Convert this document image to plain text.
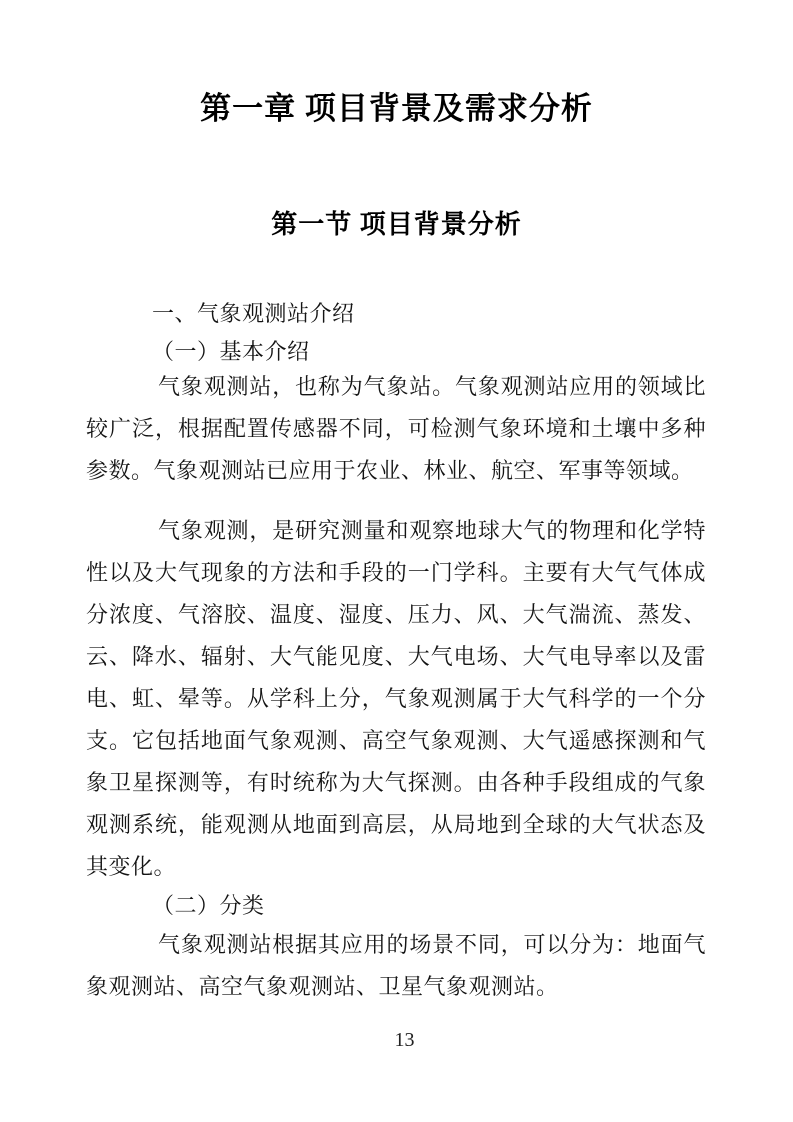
第一章 项目背景及需求分析
第一节 项目背景分析
一、气象观测站介绍
（一）基本介绍

气象观测站，也称为气象站。气象观测站应用的领域比较广泛，根据配置传感器不同，可检测气象环境和土壤中多种参数。气象观测站已应用于农业、林业、航空、军事等领域。

气象观测，是研究测量和观察地球大气的物理和化学特性以及大气现象的方法和手段的一门学科。主要有大气气体成分浓度、气溶胶、温度、湿度、压力、风、大气湍流、蒸发、云、降水、辐射、大气能见度、大气电场、大气电导率以及雷电、虹、晕等。从学科上分，气象观测属于大气科学的一个分支。它包括地面气象观测、高空气象观测、大气遥感探测和气象卫星探测等，有时统称为大气探测。由各种手段组成的气象观测系统，能观测从地面到高层，从局地到全球的大气状态及其变化。

（二）分类

气象观测站根据其应用的场景不同，可以分为：地面气象观测站、高空气象观测站、卫星气象观测站。

13
